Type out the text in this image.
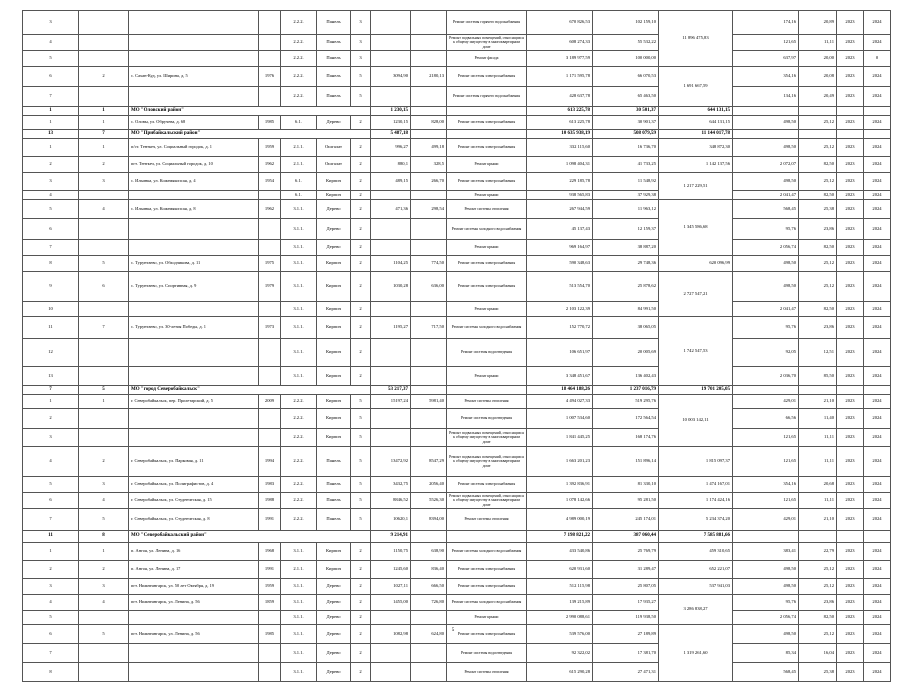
3				2.2.2.	Панель	3			Ремонт системы горячего водоснабжения	670 826,53	102 159,10	11 896 475,83	174,16	20,89	2023	2024
4				2.2.2.	Панель	3			Ремонт подвальных помещений, относящихся к общему имуществу в многоквартирном доме	608 274,33	55 532,22		121,65	11,11	2023	2024
5				2.2.2.	Панель	3			Ремонт фасада	3 189 977,59	100 000,00		637,97	20,00	2023	0
6	2	с. Сахан-Куд, ул. Ширина, д. 5	1976	2.2.2.	Панель	5	3094,90	2180,13	Ремонт системы электроснабжения	1 171 595,78	66 070,53	1 691 667,59	354,16	20,08	2023	2024
7				2.2.2.	Панель	5			Ремонт системы горячего водоснабжения	428 637,78	65 463,50		134,16	20,49	2023	2024
1	1	МО "Оловский район"					1 230,15			613 225,78	30 501,37	644 131,15				
1	1	с. Оловы, ул. Обручева, д. 68	1985	6.1.	Дерево	2	1230,15	828,00	Ремонт системы электроснабжения	613 225,78	30 901,37	644 131,15	498,50	25,12	2023	2024
13	7	МО "Прибайкальский район"					5 487,18			10 635 938,19	508 079,59	11 144 017,78				
1	1	п/ст. Тенткеч, ул. Социальный городок, д. 1	1959	2.1.1.	Ошгалат	2	996,27	499,18	Ремонт системы электроснабжения	332 115,60	16 736,70	348 872,30	498,50	25,12	2023	2024
2	2	пгт. Тенткеч, ул. Социальный городок, д. 10	1962	2.1.1.	Ошгалат	2	880,1	328,5	Ремонт крыши	1 098 404,31	41 733,25	1 142 137,56	2 072,07	82,50	2023	2024
3	3	с. Ильинка, ул. Кожемякопсая, д. 4	1954	6.1.	Кирпич	2	489,15	266,70	Ремонт системы электроснабжения	229 185,78	11 548,92	1 217 229,51	498,50	25,12	2023	2024
4				6.1.	Кирпич	2			Ремонт крыши	938 565,83	37 929,38		2 041,47	82,50	2023	2024
5	4	с. Ильинка, ул. Кожемякопсая, д. 8	1962	3.1.1.	Дерево	2	471,36	298,54	Ремонт системы отопления	267 944,59	11 963,12	1 345 586,68	568,45	25,38	2023	2024
6				3.1.1.	Дерево	2			Ремонт системы холодного водоснабжения	45 137,43	12 159,37		95,76	23,86	2023	2024
7				3.1.1.	Дерево	2			Ремонт крыши	969 164,97	38 887,20		2 056,74	82,50	2023	2024
8	5	с. Турунтаево, ул. Обходчикова, д. 11	1975	3.1.1.	Кирпич	2	1104,25	774,50	Ремонт системы электроснабжения	590 348,63	29 748,36	620 096,99	498,50	25,12	2023	2024
9	6	с. Турунтаево, ул. Спортивная, д. 9	1979	3.1.1.	Кирпич	2	1030,28	636,00	Ремонт системы электроснабжения	513 554,70	25 878,62	2 727 547,21	498,50	25,12	2023	2024
10				3.1.1.	Кирпич	2			Ремонт крыши	2 103 122,39	84 991,50		2 041,47	82,50	2023	2024
11	7	с. Турунтаево, ул. 30-летия Победы, д. 1	1973	3.1.1.	Кирпич	2	1195,27	717,50	Ремонт системы холодного водоснабжения	152 770,72	38 065,05	1 742 547,53	95,76	23,86	2023	2024
12				3.1.1.	Кирпич	2			Ремонт системы водоотведения	106 651,97	20 005,69		92,05	12,51	2023	2024
13				3.1.1.	Кирпич	2			Ремонт крыши	3 348 451,67	136 402,43		2 036,70	85,50	2023	2024
7	5	МО "город Северобайкальск"					53 217,37			18 464 188,26	1 237 016,79	19 701 205,05				
1	1	г. Северобайкальск, пер. Пролетарский, д. 5	2009	2.2.2.	Кирпич	5	15197,24	5981,40	Ремонт системы отопления	4 494 027,33	519 295,76	10 003 142,11	429,01	21,10	2023	2024
2				2.2.2.	Кирпич	5			Ремонт системы водоотведения	1 007 534,60	172 564,54		66,56	11,40	2023	2024
3				2.2.2.	Кирпич	5			Ремонт подвальных помещений, относящихся к общему имуществу в многоквартирном доме	1 841 445,25	168 174,76		121,65	11,11	2023	2024
4	2	г. Северобайкальск, ул. Парковая, д. 11	1994	2.2.2.	Панель	5	13472,92	8547,29	Ремонт подвальных помещений, относящихся к общему имуществу в многоквартирном доме	1 663 201,23	151 896,14	1 815 097,37	121,65	11,11	2023	2024
5	3	г. Северобайкальск, ул. Полиграфистов, д. 4	1983	2.2.2.	Панель	5	3432,75	2056,40	Ремонт системы электроснабжения	1 392 836,91	81 330,10	1 474 167,01	354,16	20,68	2023	2024
6	4	г. Северобайкальск, ул. Студенческая, д. 15	1988	2.2.2.	Панель	5	8846,52	5526,30	Ремонт подвальных помещений, относящихся к общему имуществу в многоквартирном доме	1 078 142,66	95 281,50	1 174 424,16	121,65	11,11	2023	2024
7	5	г. Северобайкальск, ул. Студенческая, д. 8	1991	2.2.2.	Панель	5	10620,1	8394,00	Ремонт системы отопления	4 989 000,19	245 174,01	5 234 374,20	429,01	21,10	2023	2024
11	8	МО "Северобайкальский район"					9 214,91			7 198 821,22	387 060,44	7 585 881,66				
1	1	п. Ангоя, ул. Ленина, д. 16	1968	3.1.1.	Кирпич	2	1150,75	638,90	Ремонт системы холодного водоснабжения	433 540,86	25 769,79	459 310,65	383,41	22,79	2023	2024
2	2	п. Ангоя, ул. Ленина, д. 17	1991	2.1.1.	Кирпич	2	1245,60	836,40	Ремонт системы электроснабжения	620 931,60	31 289,47	652 221,07	498,50	25,12	2023	2024
3	3	пгт. Нижнеангарск, ул. 50 лет Октября, д. 19	1959	3.1.1.	Дерево	2	1027,11	666,50	Ремонт системы электроснабжения	512 115,98	25 807,05	537 941,03	498,50	25,12	2023	2024
4	4	пгт. Нижнеангарск, ул. Ленина, д. 56	1859	3.1.1.	Дерево	2	1455,00	726,80	Ремонт системы холодного водоснабжения	139 215,89	17 935,27	3 286 838,27	95,76	23,86	2023	2024
5				3.1.1.	Дерево	2			Ремонт крыши	2 990 088,61	119 938,50		2 056,74	82,50	2023	2024
6	5	пгт. Нижнеангарск, ул. Ленина, д. 56	1985	3.1.1.	Дерево	2	1082,98	624,80	Ремонт системы электроснабжения	539 576,00	27 189,89	1 319 261,60	498,50	25,12	2023	2024
7				3.1.1.	Дерево	2			Ремонт системы водоотведения	92 322,02	17 381,70		85,34	16,04	2023	2024
8				3.1.1.	Дерево	2			Ремонт системы отопления	615 290,28	27 471,31		568,45	25,38	2023	2024
5
